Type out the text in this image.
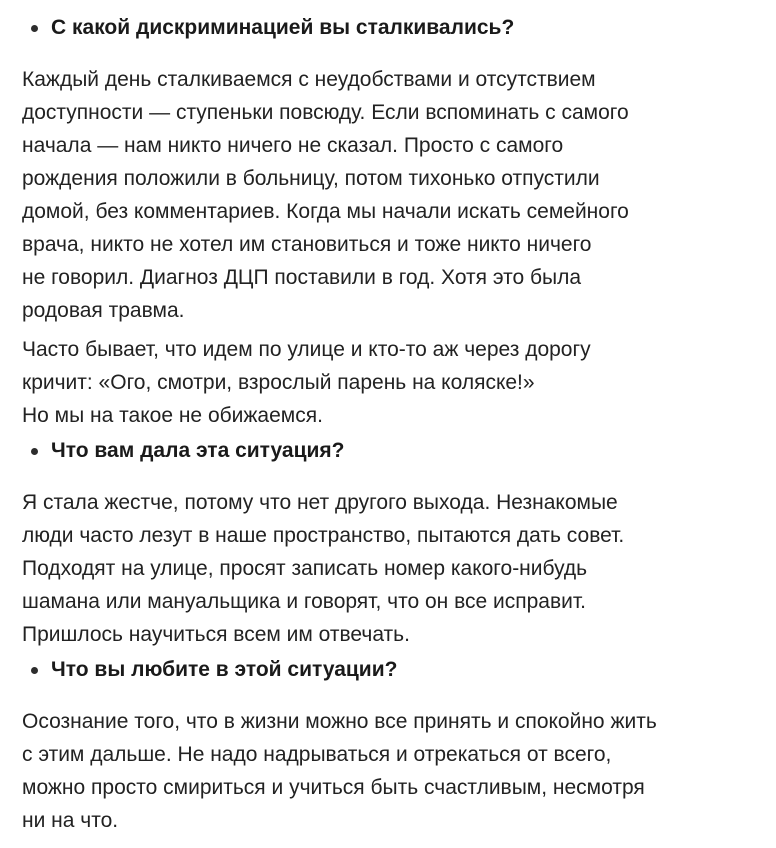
С какой дискриминацией вы сталкивались?

Каждый день сталкиваемся с неудобствами и отсутствием
доступности — ступеньки повсюду. Если вспоминать с самого
начала — нам никто ничего не сказал. Просто с самого
рождения положили в больницу, потом тихонько отпустили
домой, без комментариев. Когда мы начали искать семейного
врача, никто не хотел им становиться и тоже никто ничего
не говорил. Диагноз ДЦП поставили в год. Хотя это была
родовая травма.

Часто бывает, что идем по улице и кто-то аж через дорогу
кричит: «Ого, смотри, взрослый парень на коляске!»
Но мы на такое не обижаемся.

Что вам дала эта ситуация?

Я стала жестче, потому что нет другого выхода. Незнакомые
люди часто лезут в наше пространство, пытаются дать совет.
Подходят на улице, просят записать номер какого-нибудь
шамана или мануальщика и говорят, что он все исправит.
Пришлось научиться всем им отвечать.

Что вы любите в этой ситуации?

Осознание того, что в жизни можно все принять и спокойно жить
с этим дальше. Не надо надрываться и отрекаться от всего,
можно просто смириться и учиться быть счастливым, несмотря
ни на что.
